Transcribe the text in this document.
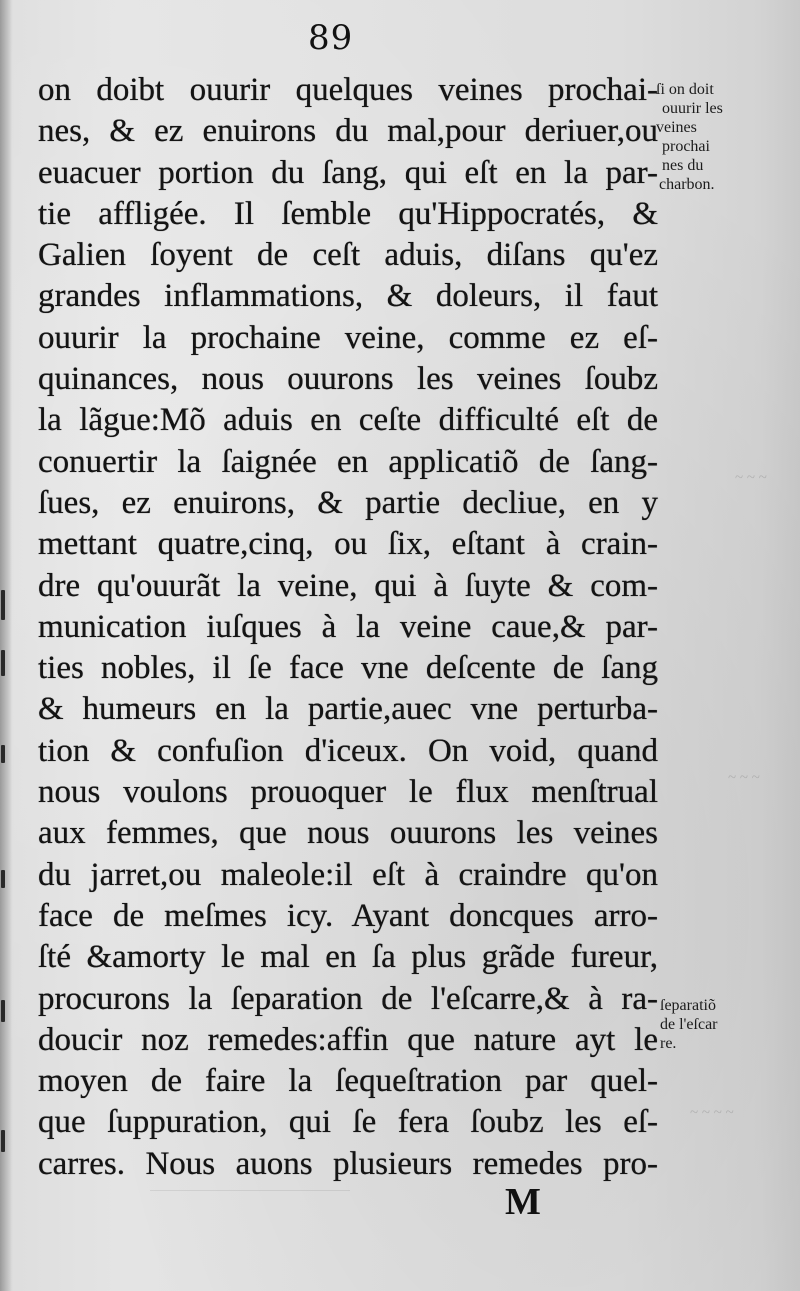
~ ~ ~
~ ~ ~
~ ~ ~ ~
89
on doibt ouurir quelques veines prochai-
nes, & ez enuirons du mal,pour deriuer,ou
euacuer portion du ſang, qui eſt en la par-
tie affligée. Il ſemble qu'Hippocratés, &
Galien ſoyent de ceſt aduis, diſans qu'ez
grandes inflammations, & doleurs, il faut
ouurir la prochaine veine, comme ez eſ-
quinances, nous ouurons les veines ſoubz
la lãgue:Mõ aduis en ceſte difficulté eſt de
conuertir la ſaignée en applicatiõ de ſang-
ſues, ez enuirons, & partie decliue, en y
mettant quatre,cinq, ou ſix, eſtant à crain-
dre qu'ouurãt la veine, qui à ſuyte & com-
munication iuſques à la veine caue,& par-
ties nobles, il ſe face vne deſcente de ſang
& humeurs en la partie,auec vne perturba-
tion & confuſion d'iceux. On void, quand
nous voulons prouoquer le flux menſtrual
aux femmes, que nous ouurons les veines
du jarret,ou maleole:il eſt à craindre qu'on
face de meſmes icy. Ayant doncques arro-
ſté &amorty le mal en ſa plus grãde fureur,
procurons la ſeparation de l'eſcarre,& à ra-
doucir noz remedes:affin que nature ayt le
moyen de faire la ſequeſtration par quel-
que ſuppuration, qui ſe fera ſoubz les eſ-
carres. Nous auons plusieurs remedes pro-
ſi on doit
ouurir les
veines
prochai
nes du
charbon.
ſeparatiõ
de l'eſcar
re.
M
